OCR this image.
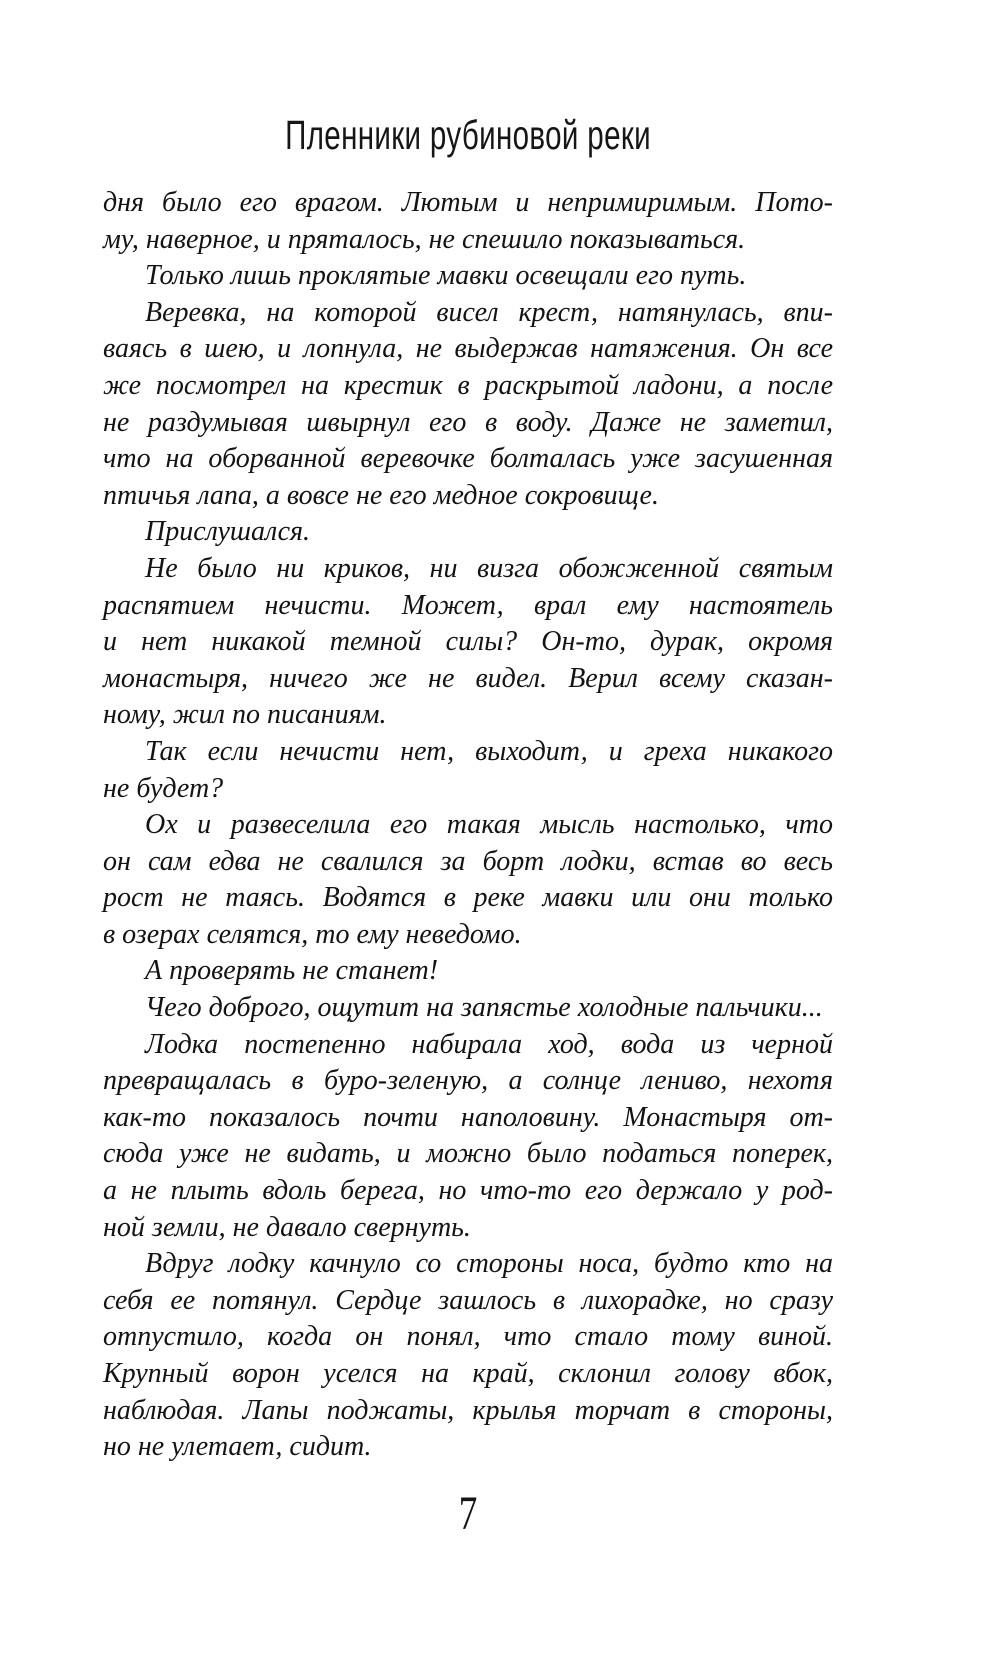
Пленники рубиновой реки
дня было его врагом. Лютым и непримиримым. Пото-
му, наверное, и пряталось, не спешило показываться.
Только лишь проклятые мавки освещали его путь.
Веревка, на которой висел крест, натянулась, впи-
ваясь в шею, и лопнула, не выдержав натяжения. Он все
же посмотрел на крестик в раскрытой ладони, а после
не раздумывая швырнул его в воду. Даже не заметил,
что на оборванной веревочке болталась уже засушенная
птичья лапа, а вовсе не его медное сокровище.
Прислушался.
Не было ни криков, ни визга обожженной святым
распятием нечисти. Может, врал ему настоятель
и нет никакой темной силы? Он-то, дурак, окромя
монастыря, ничего же не видел. Верил всему сказан-
ному, жил по писаниям.
Так если нечисти нет, выходит, и греха никакого
не будет?
Ох и развеселила его такая мысль настолько, что
он сам едва не свалился за борт лодки, встав во весь
рост не таясь. Водятся в реке мавки или они только
в озерах селятся, то ему неведомо.
А проверять не станет!
Чего доброго, ощутит на запястье холодные пальчики...
Лодка постепенно набирала ход, вода из черной
превращалась в буро-зеленую, а солнце лениво, нехотя
как-то показалось почти наполовину. Монастыря от-
сюда уже не видать, и можно было податься поперек,
а не плыть вдоль берега, но что-то его держало у род-
ной земли, не давало свернуть.
Вдруг лодку качнуло со стороны носа, будто кто на
себя ее потянул. Сердце зашлось в лихорадке, но сразу
отпустило, когда он понял, что стало тому виной.
Крупный ворон уселся на край, склонил голову вбок,
наблюдая. Лапы поджаты, крылья торчат в стороны,
но не улетает, сидит.
7
